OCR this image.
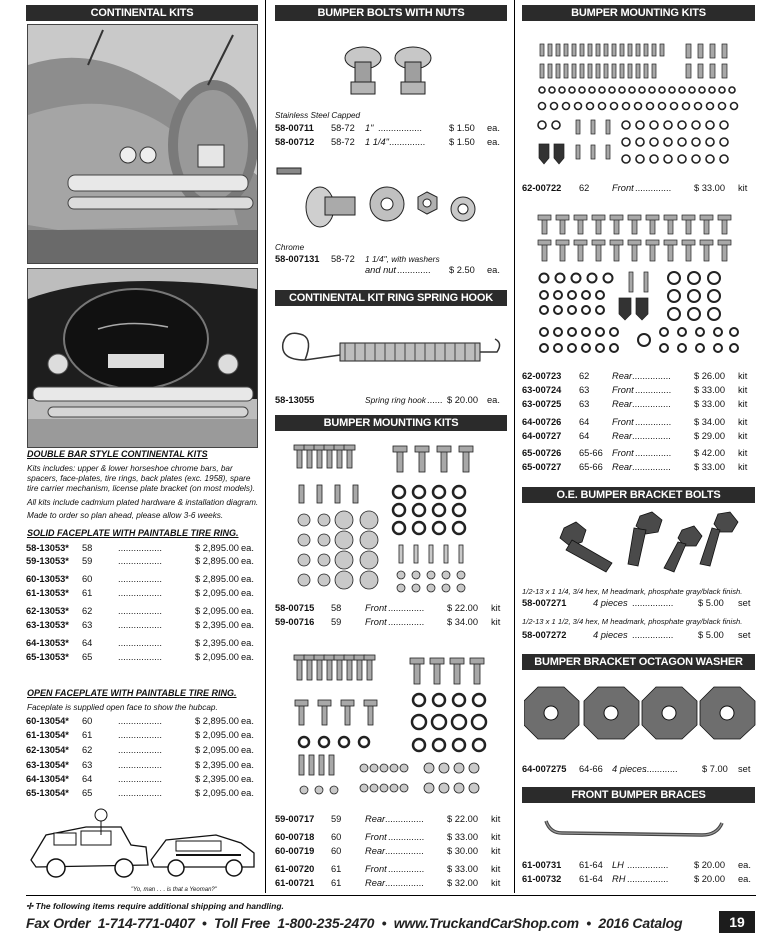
CONTINENTAL KITS
DOUBLE BAR STYLE CONTINENTAL KITS
Kits includes: upper & lower horseshoe chrome bars, bar spacers, face-plates, tire rings, back plates (exc. 1958), spare tire carrier mechanism, license plate bracket (on most models).
All kits include cadmium plated hardware & installation diagram.
Made to order so plan ahead, please allow 3-6 weeks.
SOLID FACEPLATE WITH PAINTABLE TIRE RING.
58-13053* 58	.................	$ 2,895.00 ea.
59-13053* 59	.................	$ 2,895.00 ea.
60-13053* 60	.................	$ 2,895.00 ea.
61-13053* 61	.................	$ 2,095.00 ea.
62-13053* 62	.................	$ 2,095.00 ea.
63-13053* 63	.................	$ 2,395.00 ea.
64-13053* 64	.................	$ 2,395.00 ea.
65-13053* 65	.................	$ 2,095.00 ea.
OPEN FACEPLATE WITH PAINTABLE TIRE RING.
Faceplate is supplied open face to show the hubcap.
60-13054* 60	.................	$ 2,895.00 ea.
61-13054* 61	.................	$ 2,095.00 ea.
62-13054* 62	.................	$ 2,095.00 ea.
63-13054* 63	.................	$ 2,395.00 ea.
64-13054* 64	.................	$ 2,395.00 ea.
65-13054* 65	.................	$ 2,095.00 ea.
"Yo, man . . . is that a Yeoman?"
BUMPER BOLTS WITH NUTS
Stainless Steel Capped
58-00711 58-72 1" .................	$ 1.50 ea.
58-00712 58-72 1 1/4" ..............	$ 1.50 ea.
Chrome
58-007131 58-72 1 1/4", with washers
and nut ............. $ 2.50 ea.
CONTINENTAL KIT RING SPRING HOOK
58-13055	Spring ring hook ...... $ 20.00 ea.
BUMPER MOUNTING KITS
58-00715 58	Front .............. $ 22.00 kit
59-00716 59	Front .............. $ 34.00 kit
59-00717 59	Rear ...............	$ 22.00 kit
60-00718 60	Front .............. $ 33.00 kit
60-00719 60	Rear ...............	$ 30.00 kit
61-00720 61	Front .............. $ 33.00 kit
61-00721 61	Rear ...............	$ 32.00 kit
BUMPER MOUNTING KITS
62-00722 62 Front .............. $ 33.00 kit
62-00723 62 Rear ...............	$ 26.00 kit
63-00724 63 Front .............. $ 33.00 kit
63-00725 63 Rear ...............	$ 33.00 kit
64-00726 64 Front .............. $ 34.00 kit
64-00727 64 Rear ...............	$ 29.00 kit
65-00726 65-66 Front .............. $ 42.00 kit
65-00727 65-66 Rear ...............	$ 33.00 kit
O.E. BUMPER BRACKET BOLTS
1/2-13 x 1 1/4, 3/4 hex, M headmark, phosphate gray/black finish.
58-007271	4 pieces ................	$ 5.00 set
1/2-13 x 1 1/2, 3/4 hex, M headmark, phosphate gray/black finish.
58-007272	4 pieces ................	$ 5.00 set
BUMPER BRACKET OCTAGON WASHER
64-007275 64-66 4 pieces
.............	$ 7.00 set
FRONT BUMPER BRACES
61-00731 61-64 LH ................	$ 20.00 ea.
61-00732 61-64 RH ................	$ 20.00 ea.
✢ The following items require additional shipping and handling.
Fax Order  1-714-771-0407  •  Toll Free  1-800-235-2470  •  www.TruckandCarShop.com  •  2016 Catalog	19
